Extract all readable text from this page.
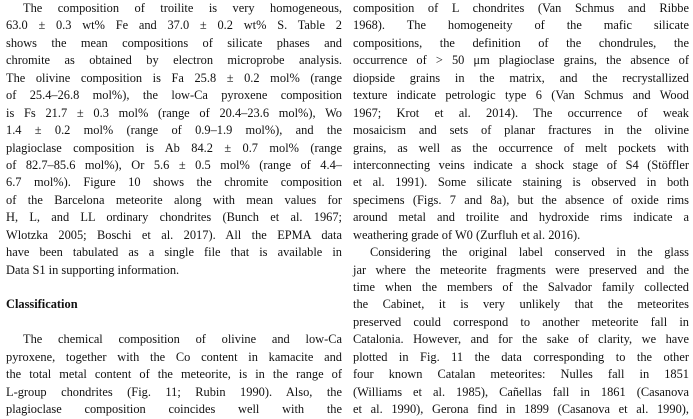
The composition of troilite is very homogeneous,
63.0 ± 0.3 wt% Fe and 37.0 ± 0.2 wt% S. Table 2
shows the mean compositions of silicate phases and
chromite as obtained by electron microprobe analysis.
The olivine composition is Fa 25.8 ± 0.2 mol% (range
of 25.4–26.8 mol%), the low-Ca pyroxene composition
is Fs 21.7 ± 0.3 mol% (range of 20.4–23.6 mol%), Wo
1.4 ± 0.2 mol% (range of 0.9–1.9 mol%), and the
plagioclase composition is Ab 84.2 ± 0.7 mol% (range
of 82.7–85.6 mol%), Or 5.6 ± 0.5 mol% (range of 4.4–
6.7 mol%). Figure 10 shows the chromite composition
of the Barcelona meteorite along with mean values for
H, L, and LL ordinary chondrites (Bunch et al. 1967;
Wlotzka 2005; Boschi et al. 2017). All the EPMA data
have been tabulated as a single file that is available in
Data S1 in supporting information.
Classification
The chemical composition of olivine and low-Ca
pyroxene, together with the Co content in kamacite and
the total metal content of the meteorite, is in the range of
L-group chondrites (Fig. 11; Rubin 1990). Also, the
plagioclase composition coincides well with the
composition of L chondrites (Van Schmus and Ribbe
1968). The homogeneity of the mafic silicate
compositions, the definition of the chondrules, the
occurrence of > 50 μm plagioclase grains, the absence of
diopside grains in the matrix, and the recrystallized
texture indicate petrologic type 6 (Van Schmus and Wood
1967; Krot et al. 2014). The occurrence of weak
mosaicism and sets of planar fractures in the olivine
grains, as well as the occurrence of melt pockets with
interconnecting veins indicate a shock stage of S4 (Stöffler
et al. 1991). Some silicate staining is observed in both
specimens (Figs. 7 and 8a), but the absence of oxide rims
around metal and troilite and hydroxide rims indicate a
weathering grade of W0 (Zurfluh et al. 2016).
Considering the original label conserved in the glass
jar where the meteorite fragments were preserved and the
time when the members of the Salvador family collected
the Cabinet, it is very unlikely that the meteorites
preserved could correspond to another meteorite fall in
Catalonia. However, and for the sake of clarity, we have
plotted in Fig. 11 the data corresponding to the other
four known Catalan meteorites: Nulles fall in 1851
(Williams et al. 1985), Cañellas fall in 1861 (Casanova
et al. 1990), Gerona find in 1899 (Casanova et al. 1990),
